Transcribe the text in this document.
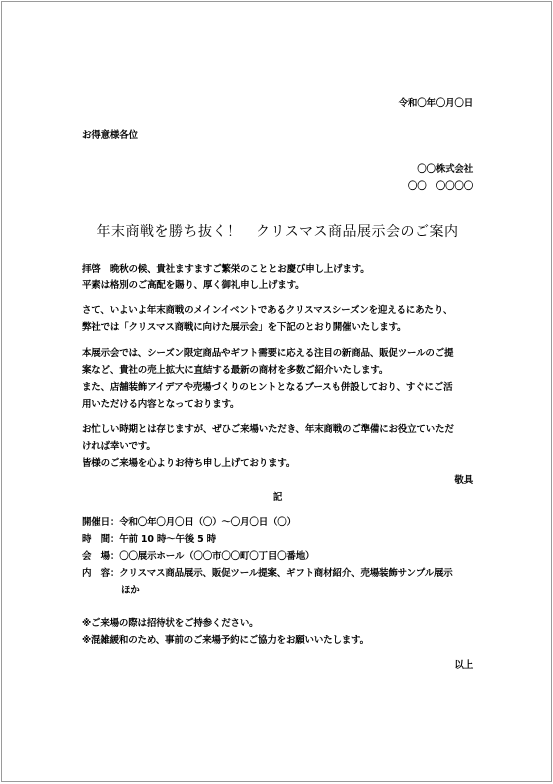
令和〇年〇月〇日
お得意様各位
〇〇株式会社
〇〇　〇〇〇〇
年末商戦を勝ち抜く！　クリスマス商品展示会のご案内
拝啓　晩秋の候、貴社ますますご繁栄のこととお慶び申し上げます。
平素は格別のご高配を賜り、厚く御礼申し上げます。
さて、いよいよ年末商戦のメインイベントであるクリスマスシーズンを迎えるにあたり、
弊社では「クリスマス商戦に向けた展示会」を下記のとおり開催いたします。
本展示会では、シーズン限定商品やギフト需要に応える注目の新商品、販促ツールのご提
案など、貴社の売上拡大に直結する最新の商材を多数ご紹介いたします。
また、店舗装飾アイデアや売場づくりのヒントとなるブースも併設しており、すぐにご活
用いただける内容となっております。
お忙しい時期とは存じますが、ぜひご来場いただき、年末商戦のご準備にお役立ていただ
ければ幸いです。
皆様のご来場を心よりお待ち申し上げております。
敬具
記
開催日：令和〇年〇月〇日（〇）～〇月〇日（〇）
時　間：午前 10 時～午後 5 時
会　場：〇〇展示ホール（〇〇市〇〇町〇丁目〇番地）
内　容：クリスマス商品展示、販促ツール提案、ギフト商材紹介、売場装飾サンプル展示
ほか
※ご来場の際は招待状をご持参ください。
※混雑緩和のため、事前のご来場予約にご協力をお願いいたします。
以上
